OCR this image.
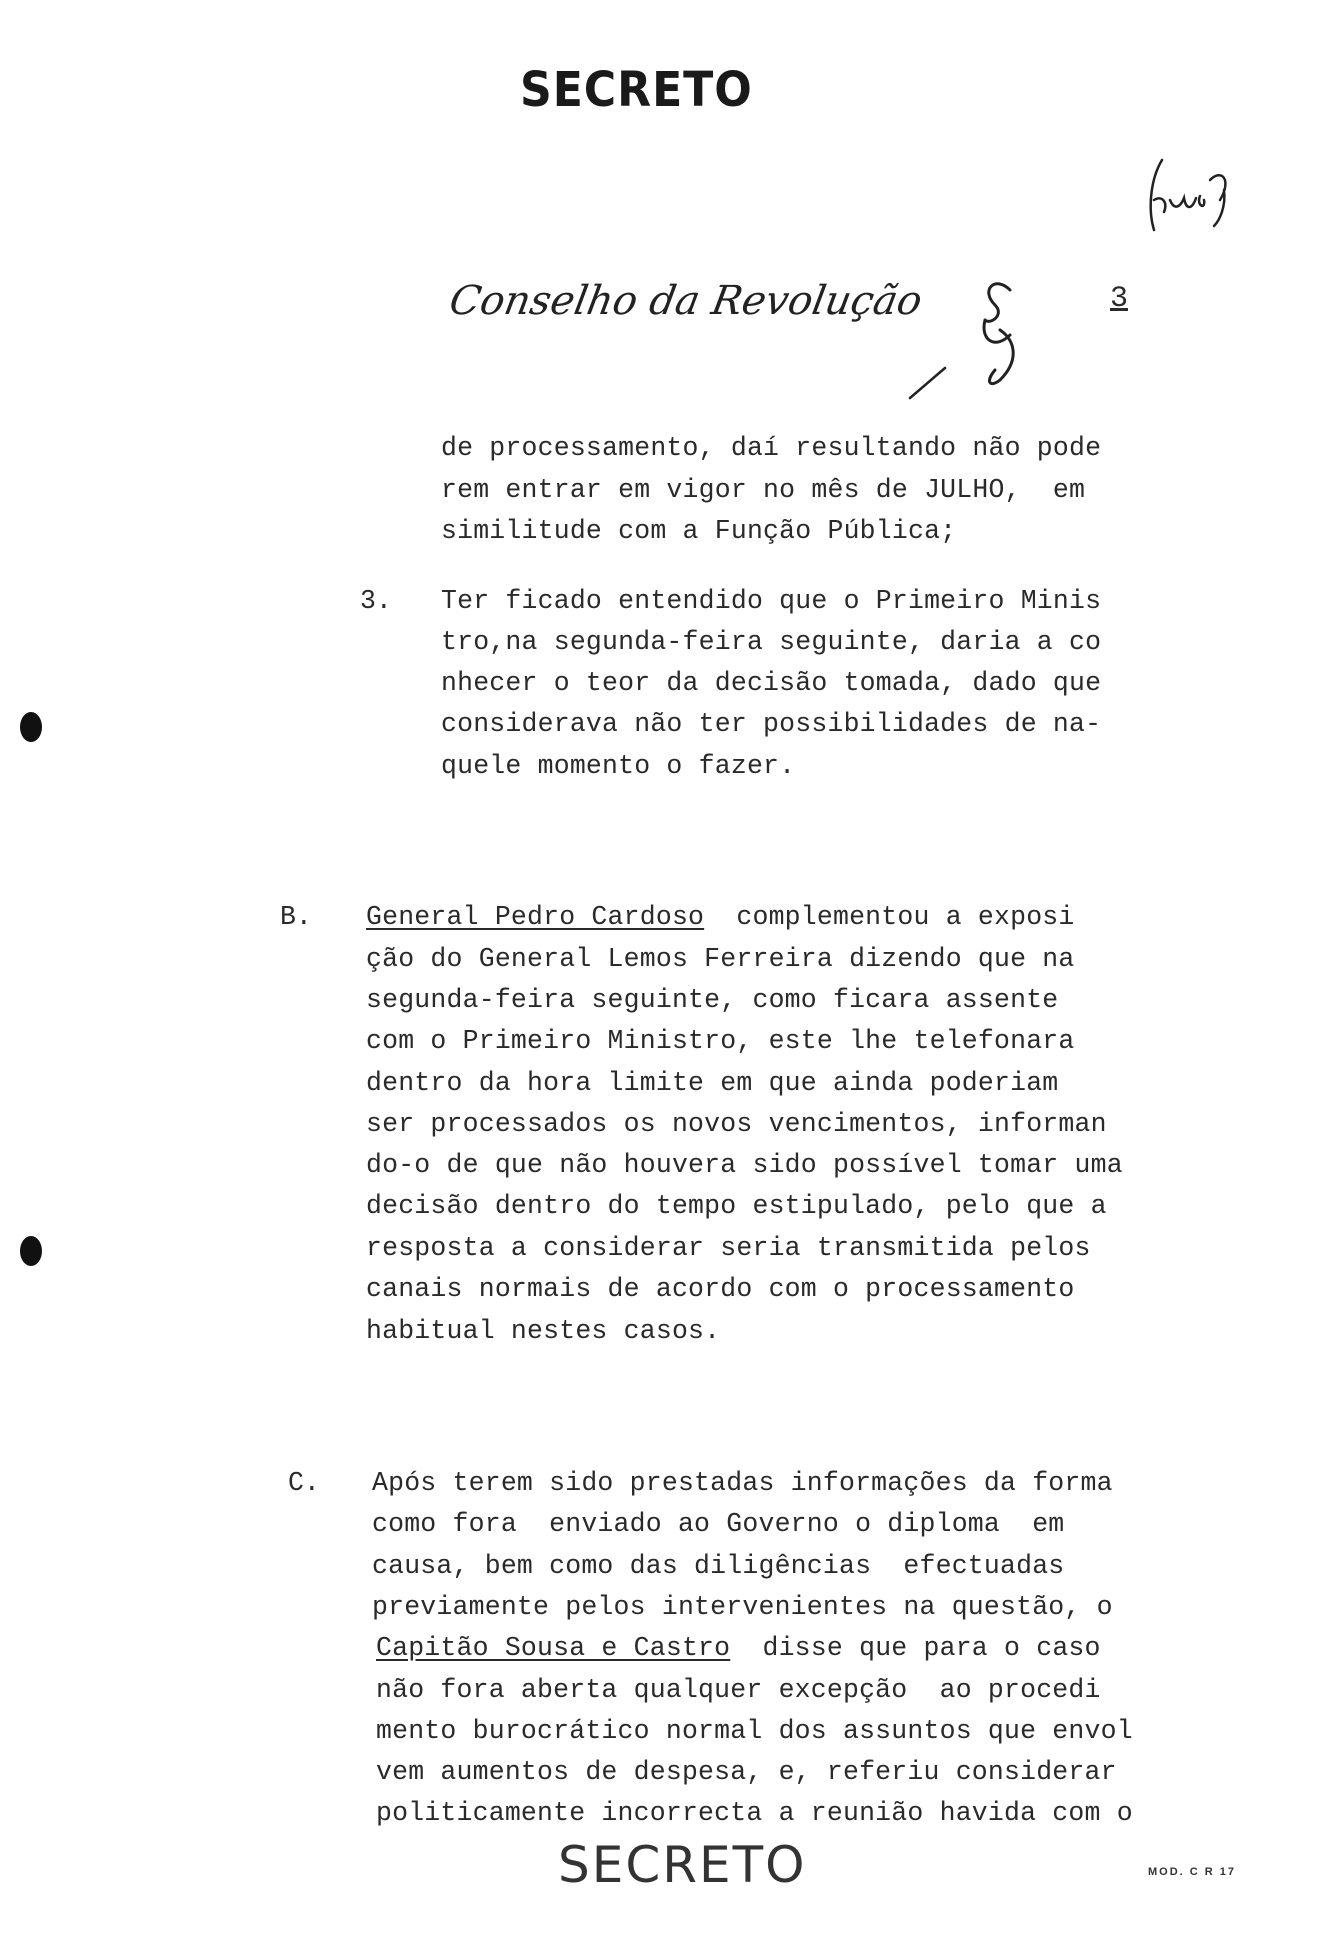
SECRETO
Conselho da Revolução	3
de processamento, daí resultando não pode
rem entrar em vigor no mês de JULHO,  em
similitude com a Função Pública;
3. Ter ficado entendido que o Primeiro Minis
tro,na segunda-feira seguinte, daria a co
nhecer o teor da decisão tomada, dado que
considerava não ter possibilidades de na-
quele momento o fazer.
B. General Pedro Cardoso  complementou a exposi
ção do General Lemos Ferreira dizendo que na
segunda-feira seguinte, como ficara assente
com o Primeiro Ministro, este lhe telefonara
dentro da hora limite em que ainda poderiam
ser processados os novos vencimentos, informan
do-o de que não houvera sido possível tomar uma
decisão dentro do tempo estipulado, pelo que a
resposta a considerar seria transmitida pelos
canais normais de acordo com o processamento
habitual nestes casos.
C. Após terem sido prestadas informações da forma
como fora  enviado ao Governo o diploma  em
causa, bem como das diligências  efectuadas
previamente pelos intervenientes na questão, o
Capitão Sousa e Castro  disse que para o caso
não fora aberta qualquer excepção  ao procedi
mento burocrático normal dos assuntos que envol
vem aumentos de despesa, e, referiu considerar
politicamente incorrecta a reunião havida com o
SECRETO	MOD. C R 17
